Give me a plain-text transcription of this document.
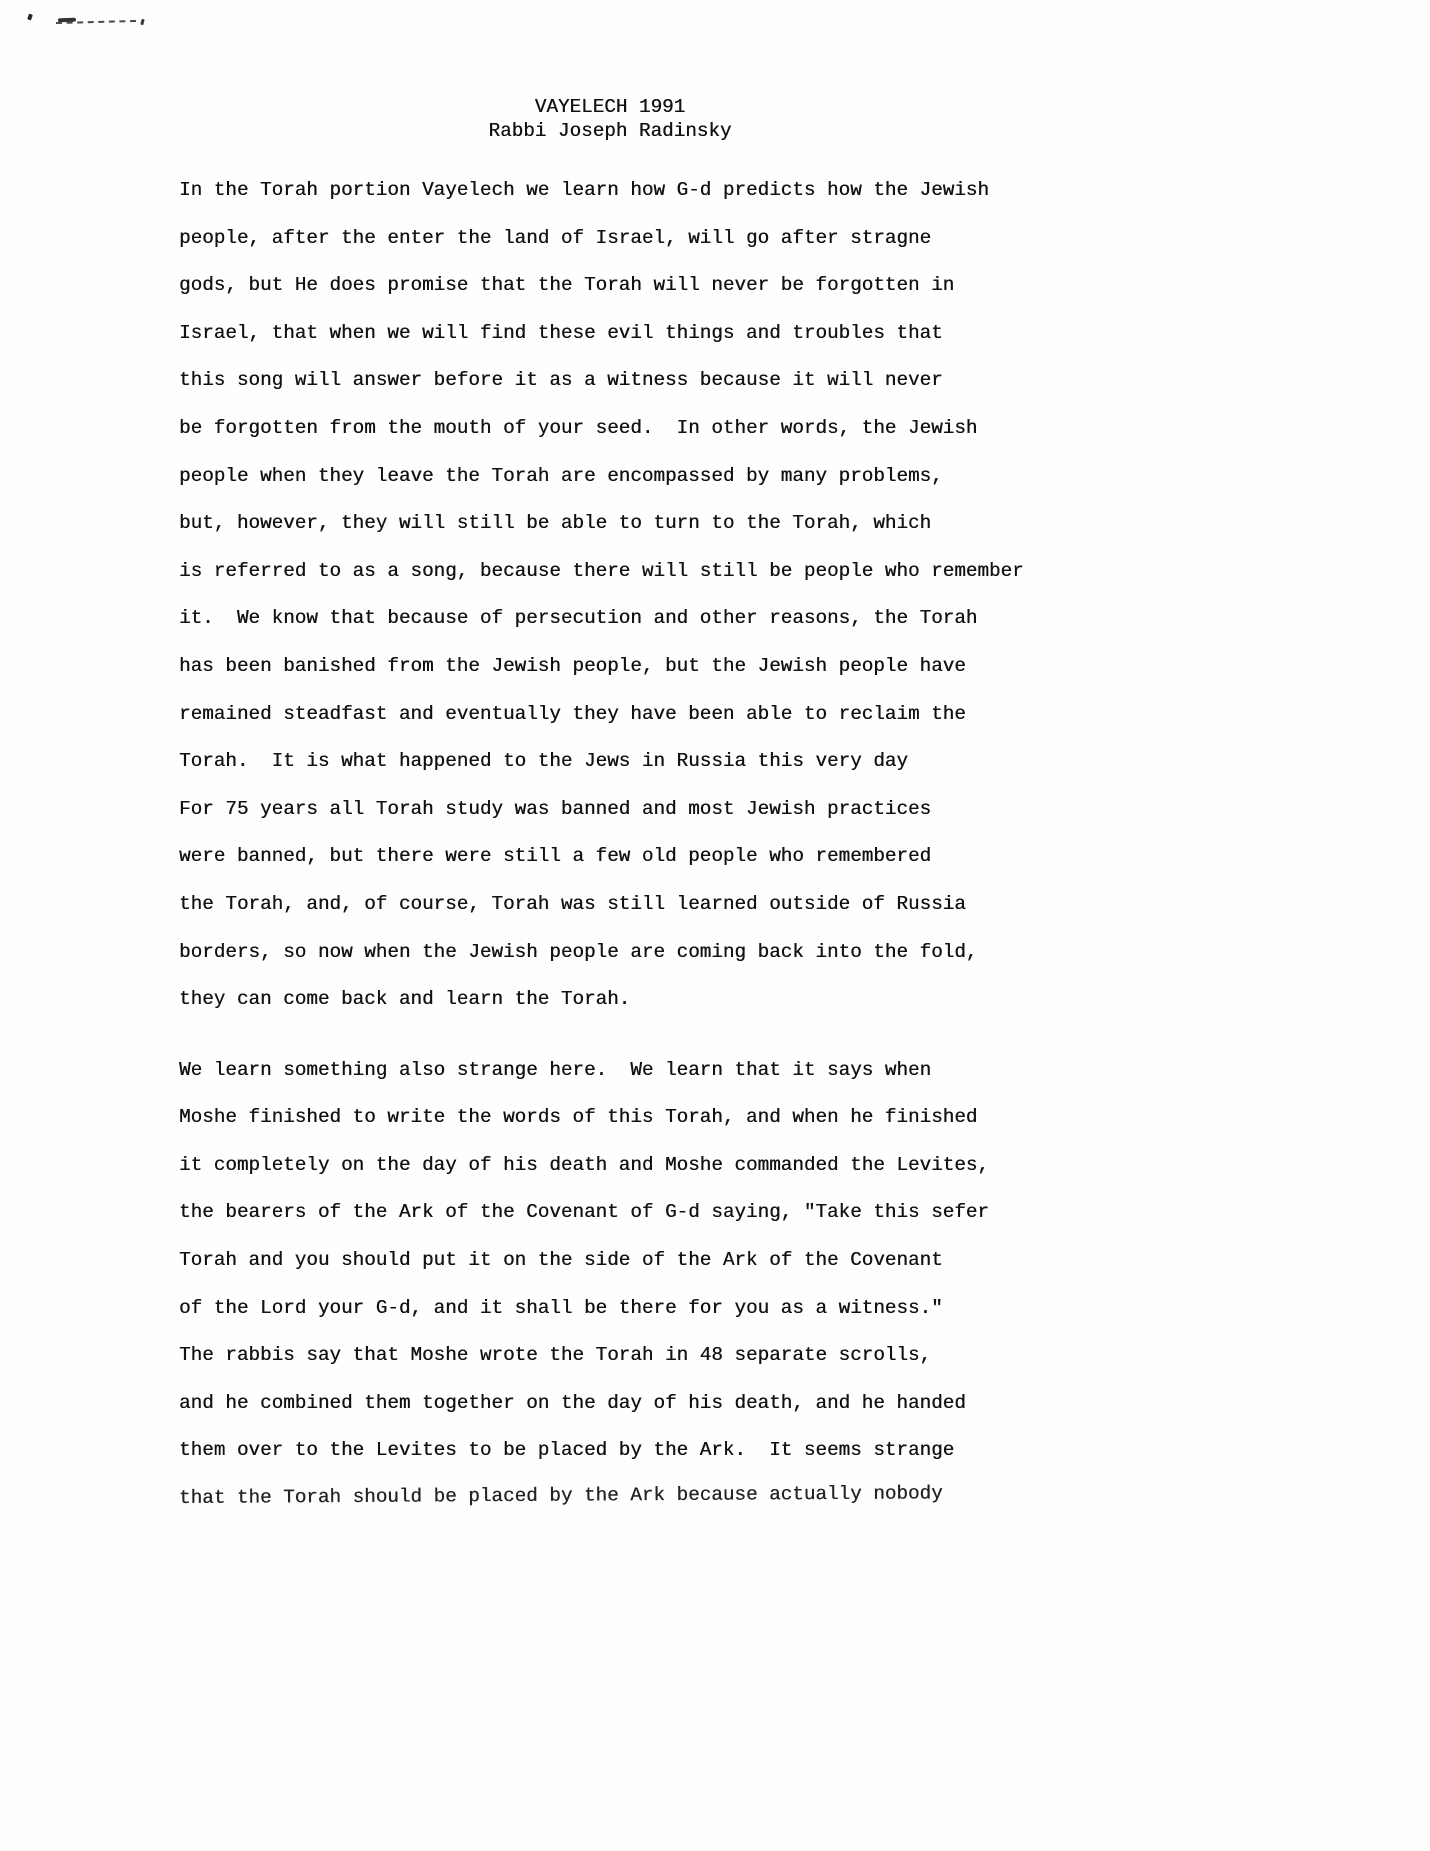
VAYELECH 1991
Rabbi Joseph Radinsky
In the Torah portion Vayelech we learn how G-d predicts how the Jewish
people, after the enter the land of Israel, will go after stragne
gods, but He does promise that the Torah will never be forgotten in
Israel, that when we will find these evil things and troubles that
this song will answer before it as a witness because it will never
be forgotten from the mouth of your seed.  In other words, the Jewish
people when they leave the Torah are encompassed by many problems,
but, however, they will still be able to turn to the Torah, which
is referred to as a song, because there will still be people who remember
it.  We know that because of persecution and other reasons, the Torah
has been banished from the Jewish people, but the Jewish people have
remained steadfast and eventually they have been able to reclaim the
Torah.  It is what happened to the Jews in Russia this very day
For 75 years all Torah study was banned and most Jewish practices
were banned, but there were still a few old people who remembered
the Torah, and, of course, Torah was still learned outside of Russia
borders, so now when the Jewish people are coming back into the fold,
they can come back and learn the Torah.
We learn something also strange here.  We learn that it says when
Moshe finished to write the words of this Torah, and when he finished
it completely on the day of his death and Moshe commanded the Levites,
the bearers of the Ark of the Covenant of G-d saying, "Take this sefer
Torah and you should put it on the side of the Ark of the Covenant
of the Lord your G-d, and it shall be there for you as a witness."
The rabbis say that Moshe wrote the Torah in 48 separate scrolls,
and he combined them together on the day of his death, and he handed
them over to the Levites to be placed by the Ark.  It seems strange
that the Torah should be placed by the Ark because actually nobody
